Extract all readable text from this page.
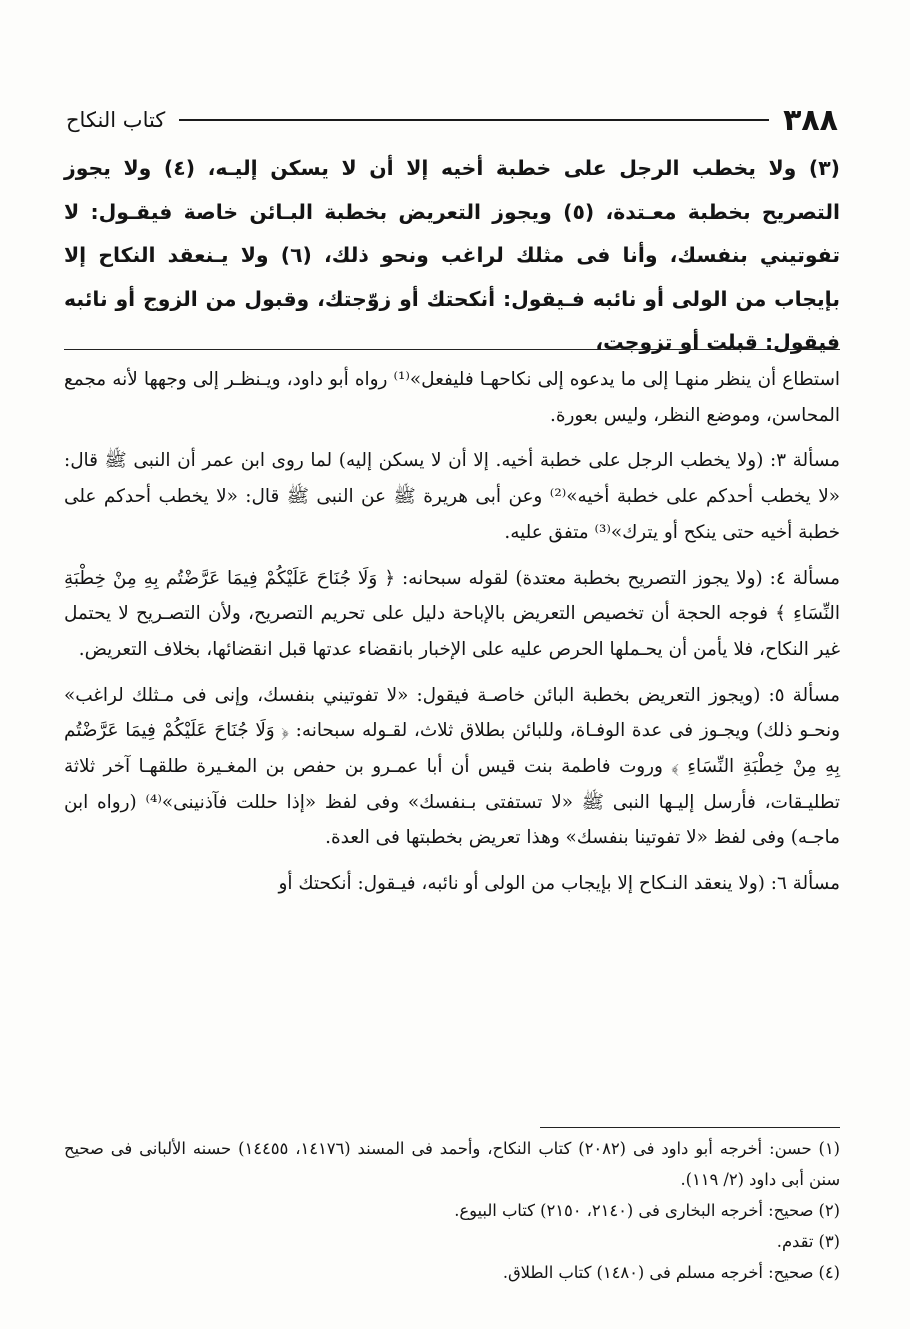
٣٨٨
كتاب النكاح

(٣) ولا يخطب الرجل على خطبة أخيه إلا أن لا يسكن إليـه، (٤) ولا يجوز التصريح بخطبة معـتدة، (٥) ويجوز التعريض بخطبة البـائن خاصة فيقـول: لا تفوتيني بنفسك، وأنا فى مثلك لراغب ونحو ذلك، (٦) ولا يـنعقد النكاح إلا بإيجاب من الولى أو نائبه فـيقول: أنكحتك أو زوّجتك، وقبول من الزوج أو نائبه فيقول: قبلت أو تزوجت،

استطاع أن ينظر منهـا إلى ما يدعوه إلى نكاحهـا فليفعل»⁽¹⁾ رواه أبو داود، ويـنظـر إلى وجهها لأنه مجمع المحاسن، وموضع النظر، وليس بعورة.

مسألة ٣: (ولا يخطب الرجل على خطبة أخيه. إلا أن لا يسكن إليه) لما روى ابن عمر أن النبى ﷺ قال: «لا يخطب أحدكم على خطبة أخيه»⁽²⁾ وعن أبى هريرة ﷺ عن النبى ﷺ قال: «لا يخطب أحدكم على خطبة أخيه حتى ينكح أو يترك»⁽³⁾ متفق عليه.

مسألة ٤: (ولا يجوز التصريح بخطبة معتدة) لقوله سبحانه: ﴿ وَلَا جُنَاحَ عَلَيْكُمْ فِيمَا عَرَّضْتُم بِهِ مِنْ خِطْبَةِ النِّسَاءِ ﴾ فوجه الحجة أن تخصيص التعريض بالإباحة دليل على تحريم التصريح، ولأن التصـريح لا يحتمل غير النكاح، فلا يأمن أن يحـملها الحرص عليه على الإخبار بانقضاء عدتها قبل انقضائها، بخلاف التعريض.

مسألة ٥: (ويجوز التعريض بخطبة البائن خاصـة فيقول: «لا تفوتيني بنفسك، وإنى فى مـثلك لراغب» ونحـو ذلك) ويجـوز فى عدة الوفـاة، وللبائن بطلاق ثلاث، لقـوله سبحانه: ﴿ وَلَا جُنَاحَ عَلَيْكُمْ فِيمَا عَرَّضْتُم بِهِ مِنْ خِطْبَةِ النِّسَاءِ ﴾ وروت فاطمة بنت قيس أن أبا عمـرو بن حفص بن المغـيرة طلقهـا آخر ثلاثة تطليـقات، فأرسل إليـها النبى ﷺ «لا تستفتى بـنفسك» وفى لفظ «إذا حللت فآذنينى»⁽⁴⁾ (رواه ابن ماجـه) وفى لفظ «لا تفوتينا بنفسك» وهذا تعريض بخطبتها فى العدة.

مسألة ٦: (ولا ينعقد النـكاح إلا بإيجاب من الولى أو نائبه، فيـقول: أنكحتك أو

(١) حسن: أخرجه أبو داود فى (٢٠٨٢) كتاب النكاح، وأحمد فى المسند (١٤١٧٦، ١٤٤٥٥) حسنه الألبانى فى صحيح سنن أبى داود (٢/ ١١٩).

(٢) صحيح: أخرجه البخارى فى (٢١٤٠، ٢١٥٠) كتاب البيوع.

(٣) تقدم.

(٤) صحيح: أخرجه مسلم فى (١٤٨٠) كتاب الطلاق.
